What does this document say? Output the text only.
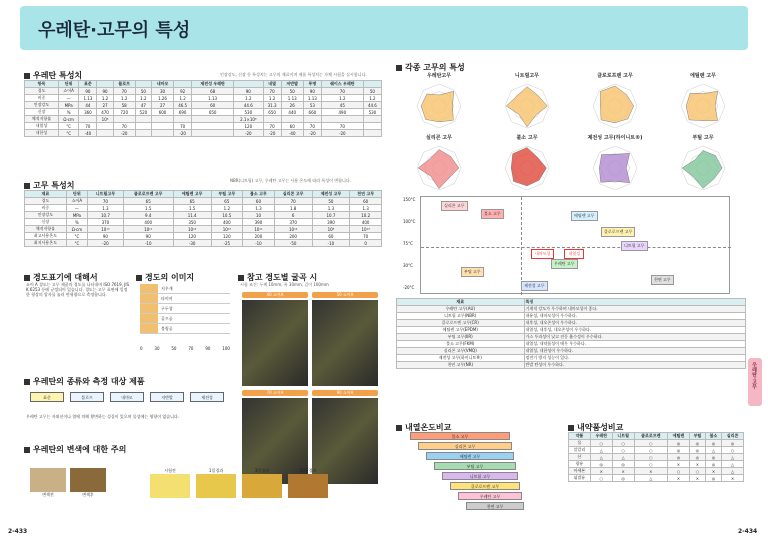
우레탄·고무의 특성
우레탄 특성치	인장강도, 신장 등 특성치는 고무의 재료이며 제품 특성치는 자체 시험을 실시합니다.
항목	단위	표준		블로프		내마모		제전성 우레탄		내열	저반발	투명	쉐이스 우레탄	
경도	쇼어A	90	90	70	50	30	92	68	90	70	50	90	70	50
비중	—	1.13	1.2	1.2	1.2	1.26	1.2	1.13	1.2	1.2	1.13	1.13	1.2	1.2
인장강도	MPa	44	27	58	47	27	46.5	60	44.6	31.3	26	53	45	44.6
신장	%	360	470	720	520	600	690	650	530	650	440	660	490	530
체적저항률	Ω·cm		10⁸						2.1×10⁸					
내열성	°C	70		70			70		120	70	60	70	70	
내한성	°C	-40		-20			-20		-20	-20	-40	-20	-20	
고무 특성치
NBR(니트릴) 고무, 우레탄 고무는 사용 온도에 따라 특성이 변합니다.
재료	단위	니트릴고무	클로로프렌 고무	에틸렌 고무	부틸 고무	불소 고무	실리콘 고무	제전성 고무	천연 고무
경도	쇼어A	70	65	65	65	60	70	50	60
비중	—	1.3	1.5	1.5	1.2	1.3	1.8	1.3	1.3
인장강도	MPa	10.7	9.4	11.4	10.5	10	6	10.7	10.2
신장	%	370	400	350	400	390	370	390	400
체적저항률	Ω·cm	10¹⁰	10¹¹	10¹⁴	10¹³	10¹¹	10¹⁴	10⁸	10¹³
최고사용온도	°C	90	90	120	120	200	200	60	70
최저사용온도	°C	-20	-10	-30	-25	-10	-50	-10	0
경도표기에 대해서
쇼어 A 경도는 고무 제품의 경도를 나타내며 ISO 7619, JIS K 6253 등에 규정되어 있습니다. 경도는 고무 표면에 일정한 형상의 압자를 눌러 변형량으로 측정합니다.
경도의 이미지
지우개
타이어
구두창
골프공
볼링공
0	30	50	70	90	100
참고 경도별 굴곡 시
시험 조건: 두께 10mm, 폭 30mm, 길이 100mm
40 쇼어A	50 쇼어A
70 쇼어A	90 쇼어A
우레탄의 종류와 측정 대상 제품
표준	블로프	내마모	저반발	제전성
우레탄 고무는 자외선이나 열에 의해 황변하는 성질이 있으며 물성에는 영향이 없습니다.
우레탄의 변색에 대한 주의
변색전	변색후
시험전	1일경과	3일경과	20일경과
2-433
각종 고무의 특성
우레탄고무	니트릴고무	클로로프렌 고무	에틸렌 고무
실리콘 고무	불소 고무	제전성 고무(하이니트®)	부틸 고무
150°C
100°C
75°C
30°C
-20°C
실리콘 고무
불소 고무	에틸렌 고무
클로로프렌 고무
니트릴 고무
우레탄 고무
부틸 고무
천연 고무
제전성 고무
내마모성	내열성
재료	특징
우레탄 고무(AU)	기계적 강도가 우수하며 내마모성이 좋다.
니트릴 고무(NBR)	내유성, 내마모성이 우수하다.
클로로프렌 고무(CR)	내후성, 내오존성이 우수하다.
에틸렌 고무(EPDM)	내열성, 내후성, 내오존성이 우수하다.
부틸 고무(IIR)	가스 투과성이 낮고 진동 흡수성이 우수하다.
불소 고무(FKM)	내열성, 내약품성이 매우 우수하다.
실리콘 고무(VMQ)	내열성, 내한성이 우수하다.
제전성 고무(하이니트®)	정전기 방지 성능이 있다.
천연 고무(NR)	반발 탄성이 우수하다.
내열온도비교
불소 고무
실리콘 고무
에틸렌 고무
부틸 고무
니트릴 고무
클로로프렌 고무
우레탄 고무
천연 고무
내약품성비교
약품	우레탄	니트릴	클로로프렌	에틸렌	부틸	불소	실리콘
물	○	○	○	◎	◎	◎	◎
알칼리	△	○	○	◎	◎	△	○
산	△	△	○	◎	◎	◎	△
광유	◎	◎	○	×	×	◎	△
아세톤	×	×	×	○	○	×	△
휘발유	○	◎	△	×	×	◎	×
우레탄·고무
2-434
